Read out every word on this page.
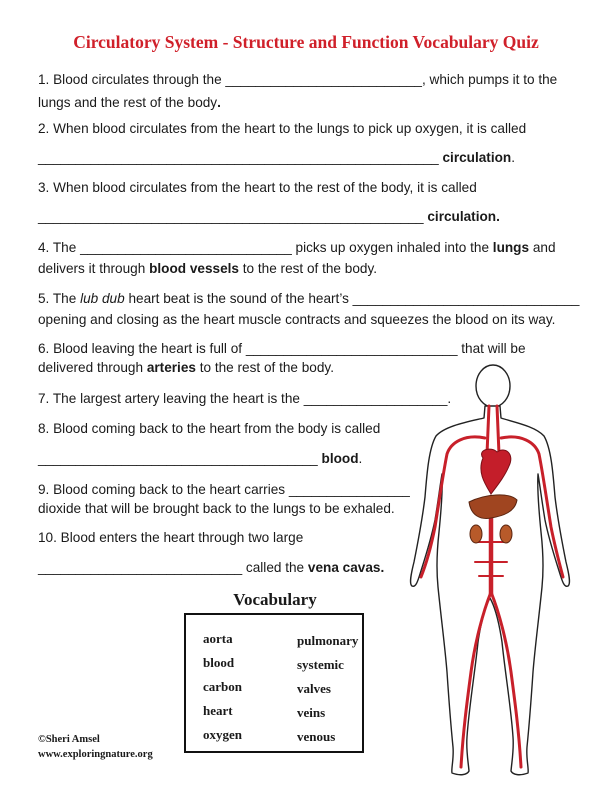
Circulatory System - Structure and Function Vocabulary Quiz
1. Blood circulates through the __________________________, which pumps it to the
lungs and the rest of the body.
2. When blood circulates from the heart to the lungs to pick up oxygen, it is called
_____________________________________________________ circulation.
3. When blood circulates from the heart to the rest of the body, it is called
___________________________________________________ circulation.
4. The ____________________________ picks up oxygen inhaled into the lungs and
delivers it through blood vessels to the rest of the body.
5. The lub dub heart beat is the sound of the heart’s ______________________________
opening and closing as the heart muscle contracts and squeezes the blood on its way.
6. Blood leaving the heart is full of ____________________________ that will be
delivered through arteries to the rest of the body.
7. The largest artery leaving the heart is the ___________________.
8. Blood coming back to the heart from the body is called
_____________________________________ blood.
9. Blood coming back to the heart carries ________________
dioxide that will be brought back to the lungs to be exhaled.
10. Blood enters the heart through two large
___________________________ called the vena cavas.
Vocabulary
aorta
blood
carbon
heart
oxygen
pulmonary
systemic
valves
veins
venous
©Sheri Amsel
www.exploringnature.org
